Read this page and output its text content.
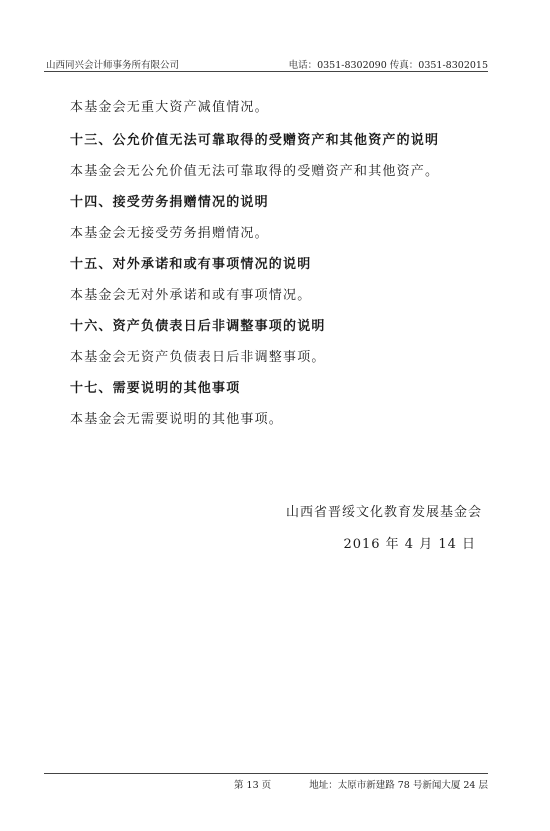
山西同兴会计师事务所有限公司	电话：0351-8302090 传真：0351-8302015
本基金会无重大资产减值情况。
十三、公允价值无法可靠取得的受赠资产和其他资产的说明
本基金会无公允价值无法可靠取得的受赠资产和其他资产。
十四、接受劳务捐赠情况的说明
本基金会无接受劳务捐赠情况。
十五、对外承诺和或有事项情况的说明
本基金会无对外承诺和或有事项情况。
十六、资产负债表日后非调整事项的说明
本基金会无资产负债表日后非调整事项。
十七、需要说明的其他事项
本基金会无需要说明的其他事项。
山西省晋绥文化教育发展基金会
2016 年 4 月 14 日
第 13 页	地址：太原市新建路 78 号新闻大厦 24 层
